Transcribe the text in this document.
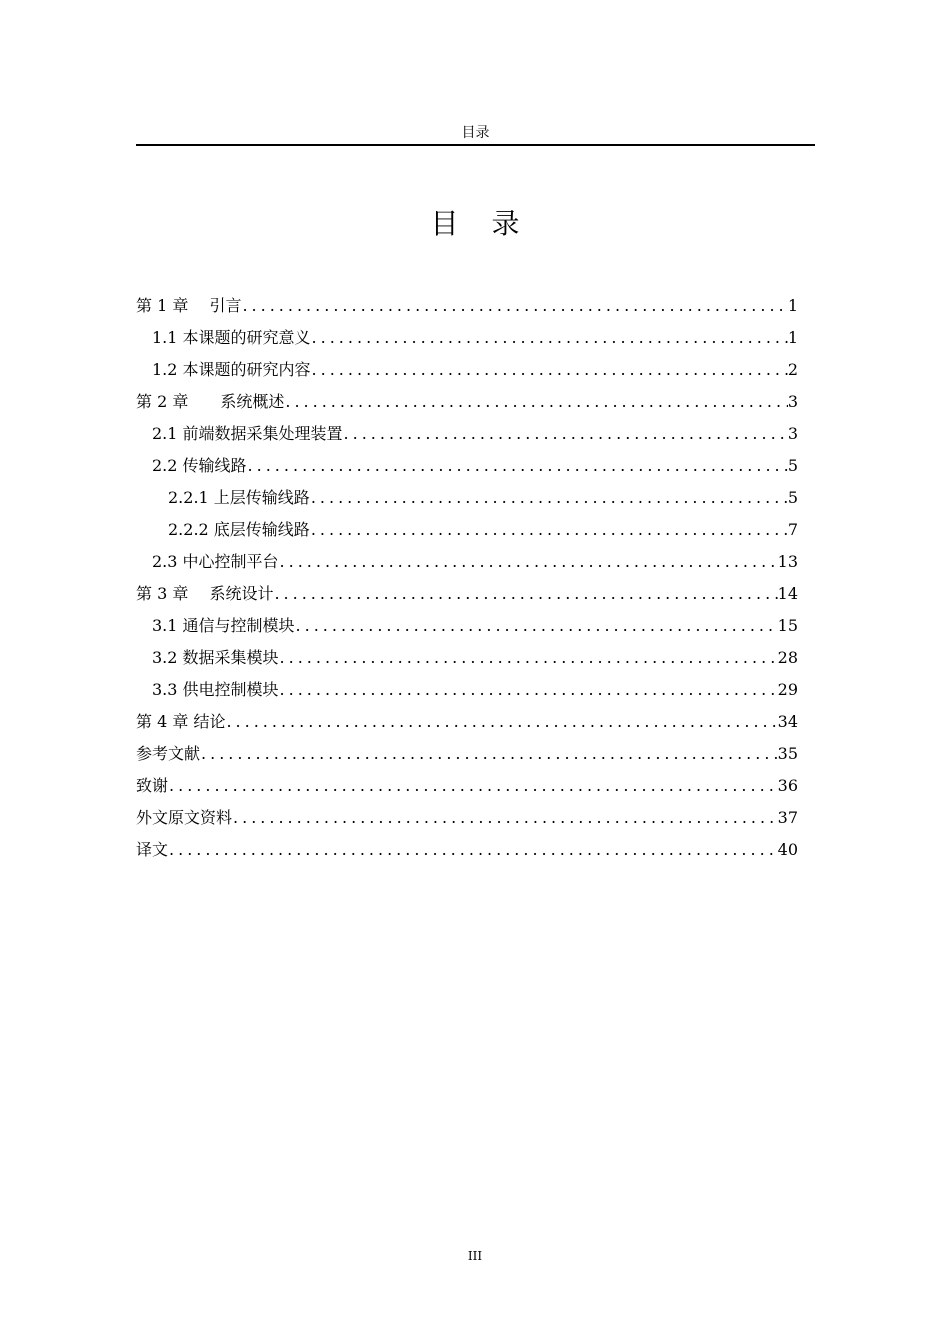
目录
目 录
第 1 章　 引言 .....	1
1.1 本课题的研究意义 .....	1
1.2 本课题的研究内容 .....	2
第 2 章　　系统概述 .....	3
2.1 前端数据采集处理装置 .....	3
2.2 传输线路 .....	5
2.2.1 上层传输线路 .....	5
2.2.2 底层传输线路 .....	7
2.3 中心控制平台 .....	13
第 3 章　 系统设计 .....	14
3.1 通信与控制模块 .....	15
3.2 数据采集模块 .....	28
3.3 供电控制模块 .....	29
第 4 章 结论 .....	34
参考文献 .....	35
致谢 .....	36
外文原文资料 .....	37
译文 .....	40
III
